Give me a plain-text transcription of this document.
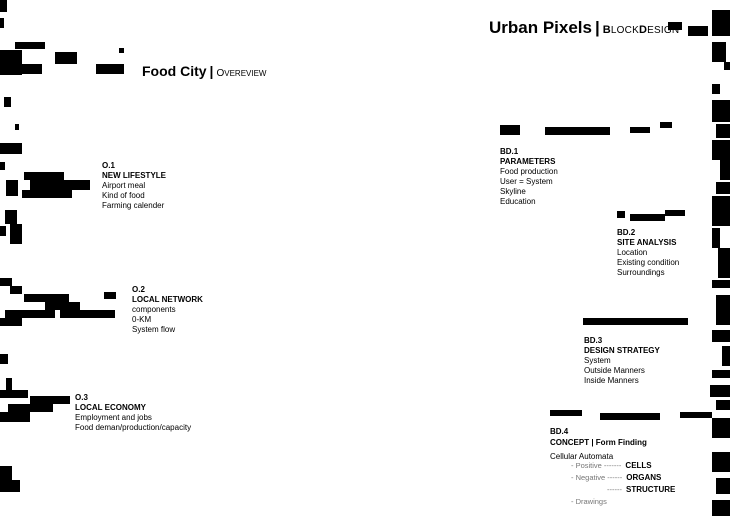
Urban Pixels | BLOCKDESIGN
Food City | OVEREVIEW
O.1
NEW LIFESTYLE
Airport meal
Kind of food
Farming calender
O.2
LOCAL NETWORK
components
0-KM
System flow
O.3
LOCAL ECONOMY
Employment and jobs
Food deman/production/capacity
BD.1
PARAMETERS
Food production
User = System
Skyline
Education
BD.2
SITE ANALYSIS
Location
Existing condition
Surroundings
BD.3
DESIGN STRATEGY
System
Outside Manners
Inside Manners
BD.4
CONCEPT | Form Finding
Cellular Automata
- Positive ------- CELLS
- Negative ------ ORGANS
------ STRUCTURE
- Drawings
